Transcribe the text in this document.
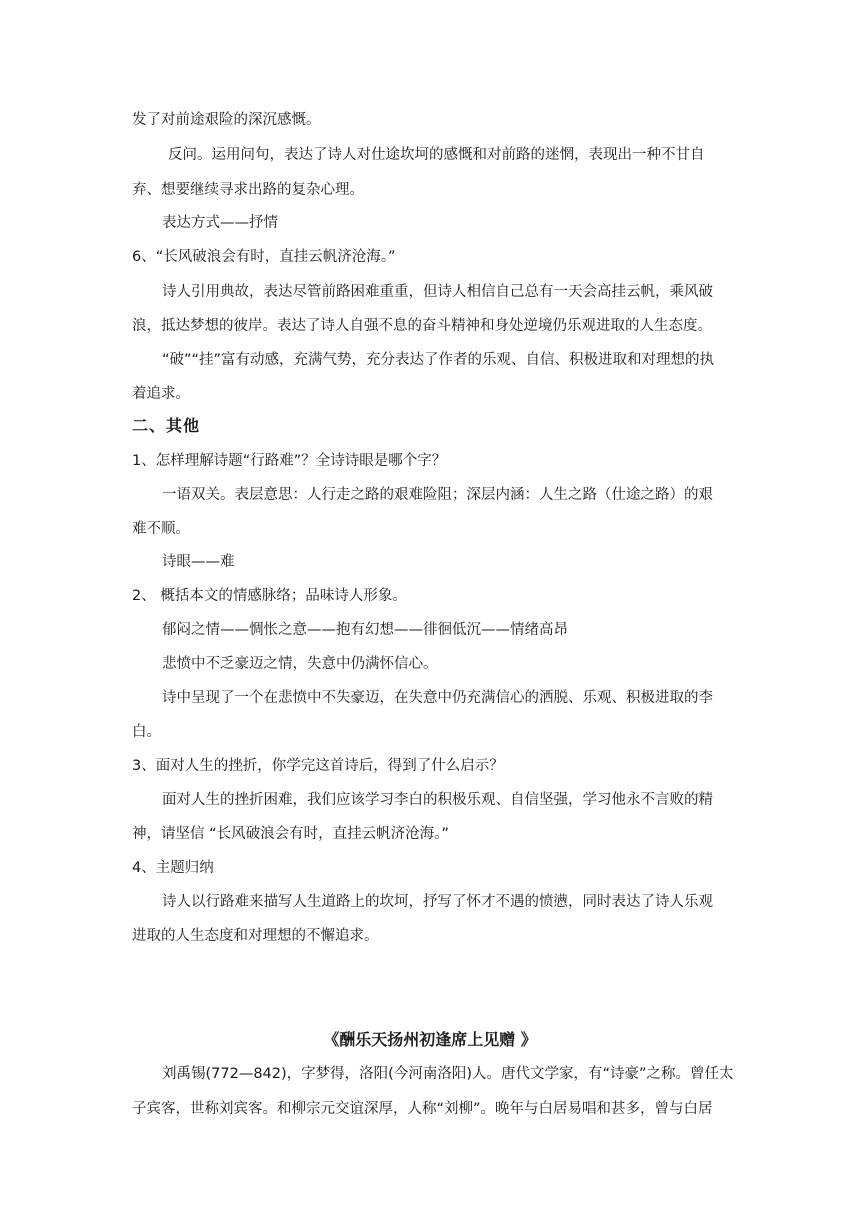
发了对前途艰险的深沉感慨。
反问。运用问句，表达了诗人对仕途坎坷的感慨和对前路的迷惘，表现出一种不甘自
弃、想要继续寻求出路的复杂心理。
表达方式——抒情
6、“长风破浪会有时，直挂云帆济沧海。”
诗人引用典故，表达尽管前路困难重重，但诗人相信自己总有一天会高挂云帆，乘风破
浪，抵达梦想的彼岸。表达了诗人自强不息的奋斗精神和身处逆境仍乐观进取的人生态度。
“破”“挂”富有动感，充满气势，充分表达了作者的乐观、自信、积极进取和对理想的执
着追求。
二、其他
1、怎样理解诗题“行路难”？全诗诗眼是哪个字？
一语双关。表层意思：人行走之路的艰难险阻；深层内涵：人生之路（仕途之路）的艰
难不顺。
诗眼——难
2、 概括本文的情感脉络；品味诗人形象。
郁闷之情——惆怅之意——抱有幻想——徘徊低沉——情绪高昂
悲愤中不乏豪迈之情，失意中仍满怀信心。
诗中呈现了一个在悲愤中不失豪迈，在失意中仍充满信心的洒脱、乐观、积极进取的李
白。
3、面对人生的挫折，你学完这首诗后，得到了什么启示？
面对人生的挫折困难，我们应该学习李白的积极乐观、自信坚强，学习他永不言败的精
神，请坚信 “长风破浪会有时，直挂云帆济沧海。”
4、主题归纳
诗人以行路难来描写人生道路上的坎坷，抒写了怀才不遇的愤懑，同时表达了诗人乐观
进取的人生态度和对理想的不懈追求。
《酬乐天扬州初逢席上见赠 》
刘禹锡(772—842)，字梦得，洛阳(今河南洛阳)人。唐代文学家，有“诗豪”之称。曾任太
子宾客，世称刘宾客。和柳宗元交谊深厚，人称“刘柳”。晚年与白居易唱和甚多，曾与白居
